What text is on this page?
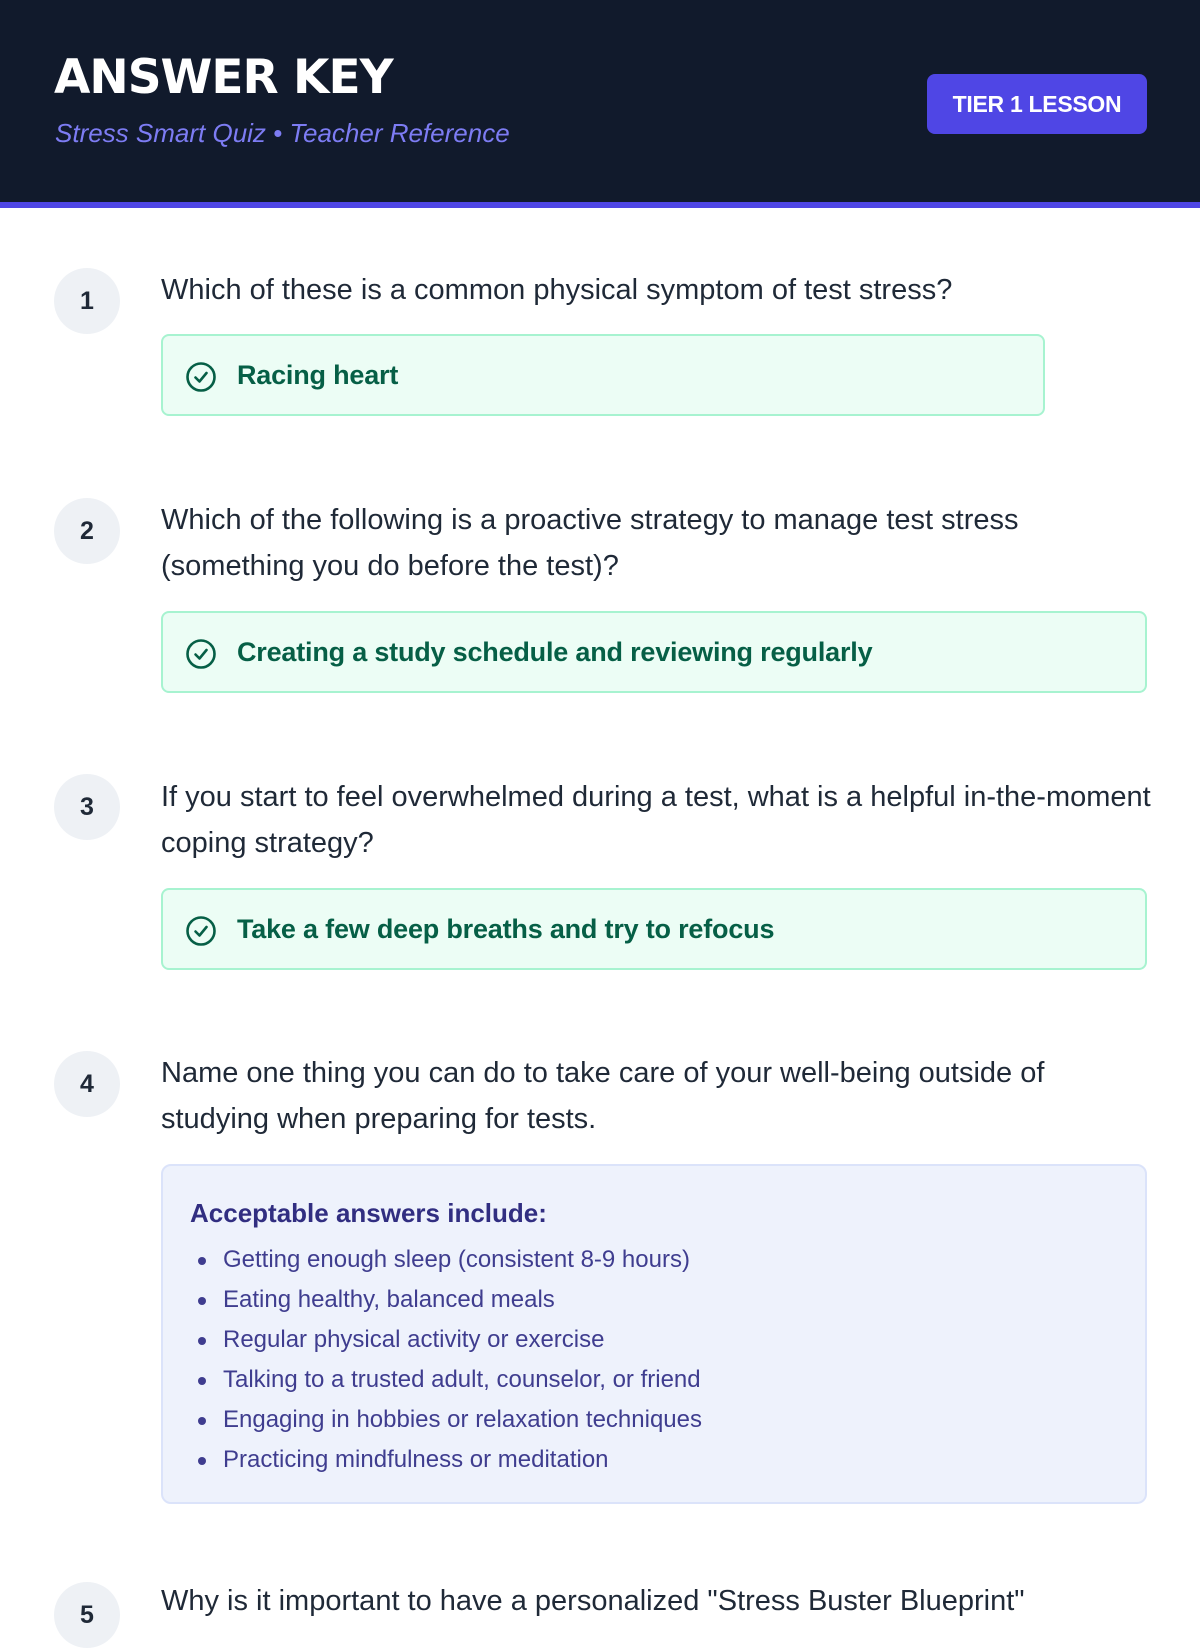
ANSWER KEY
Stress Smart Quiz • Teacher Reference
TIER 1 LESSON
1	Which of these is a common physical symptom of test stress?
Racing heart
2	Which of the following is a proactive strategy to manage test stress (something you do before the test)?
Creating a study schedule and reviewing regularly
3	If you start to feel overwhelmed during a test, what is a helpful in-the-moment coping strategy?
Take a few deep breaths and try to refocus
4	Name one thing you can do to take care of your well-being outside of studying when preparing for tests.
Acceptable answers include:
Getting enough sleep (consistent 8-9 hours)
Eating healthy, balanced meals
Regular physical activity or exercise
Talking to a trusted adult, counselor, or friend
Engaging in hobbies or relaxation techniques
Practicing mindfulness or meditation
5	Why is it important to have a personalized "Stress Buster Blueprint"
